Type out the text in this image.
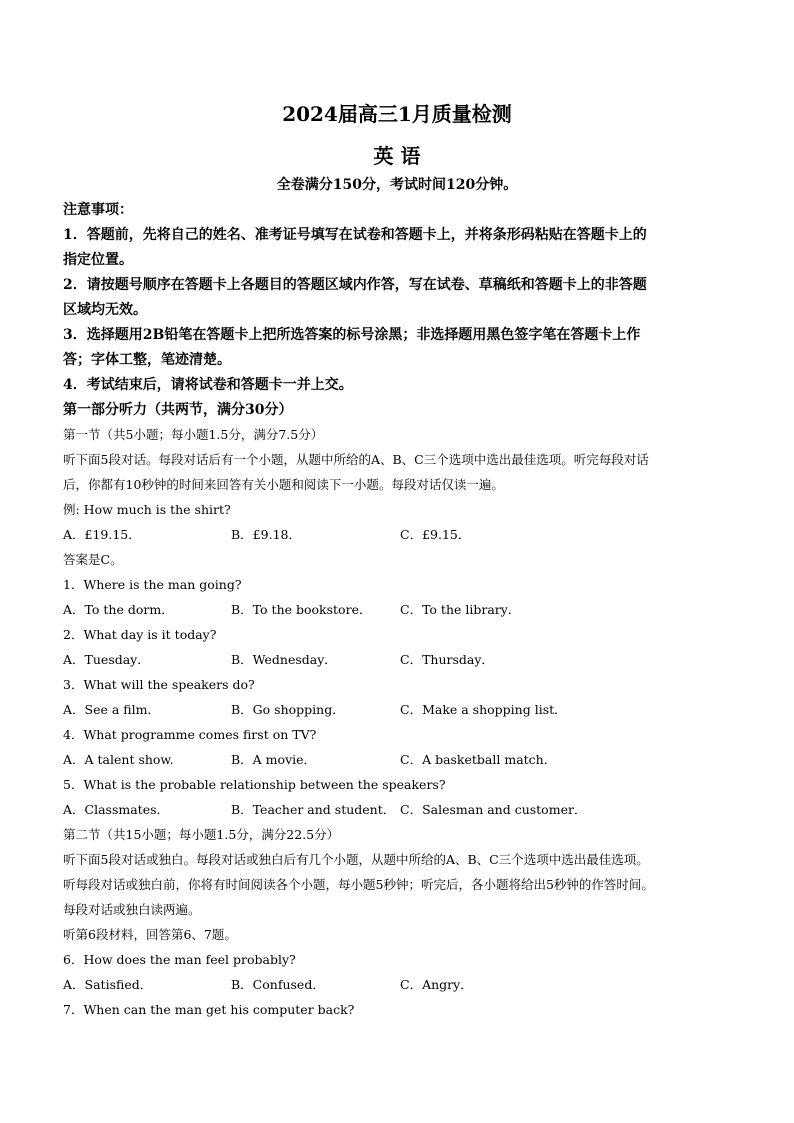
2024届高三1月质量检测
英 语
全卷满分150分，考试时间120分钟。
注意事项：
1．答题前，先将自己的姓名、准考证号填写在试卷和答题卡上，并将条形码粘贴在答题卡上的
指定位置。
2．请按题号顺序在答题卡上各题目的答题区域内作答，写在试卷、草稿纸和答题卡上的非答题
区域均无效。
3．选择题用2B铅笔在答题卡上把所选答案的标号涂黑；非选择题用黑色签字笔在答题卡上作
答；字体工整，笔迹清楚。
4．考试结束后，请将试卷和答题卡一并上交。
第一部分听力（共两节，满分30分）
第一节（共5小题；每小题1.5分，满分7.5分）
听下面5段对话。每段对话后有一个小题，从题中所给的A、B、C三个选项中选出最佳选项。听完每段对话
后，你都有10秒钟的时间来回答有关小题和阅读下一小题。每段对话仅读一遍。
例: How much is the shirt?
A．£19.15．	B．£9.18．	C．£9.15．
答案是C。
1．Where is the man going?
A．To the dorm．	B．To the bookstore． C．To the library．
2．What day is it today?
A．Tuesday．	B．Wednesday．	C．Thursday．
3．What will the speakers do?
A．See a film．	B．Go shopping．	C．Make a shopping list．
4．What programme comes first on TV?
A．A talent show.	B．A movie．	C．A basketball match．
5．What is the probable relationship between the speakers?
A．Classmates．	B．Teacher and student． C．Salesman and customer．
第二节（共15小题；每小题1.5分，满分22.5分）
听下面5段对话或独白。每段对话或独白后有几个小题，从题中所给的A、B、C三个选项中选出最佳选项。
听每段对话或独白前，你将有时间阅读各个小题，每小题5秒钟；听完后，各小题将给出5秒钟的作答时间。
每段对话或独白读两遍。
听第6段材料，回答第6、7题。
6．How does the man feel probably?
A．Satisfied．	B．Confused．	C．Angry．
7．When can the man get his computer back?
